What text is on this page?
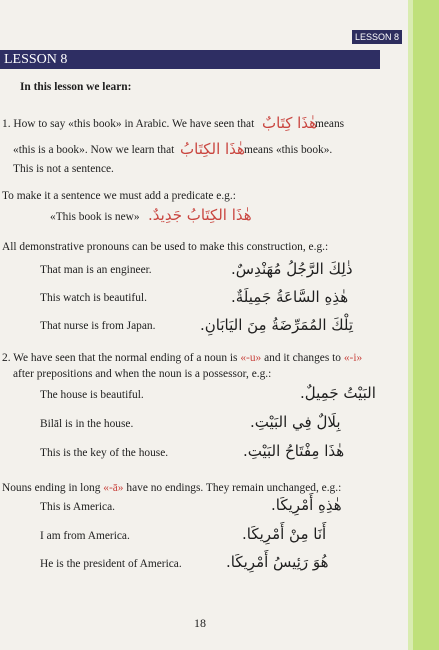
LESSON 8
LESSON 8
In this lesson we learn:
1. How to say «this book» in Arabic. We have seen that هٰذَا كِتَابٌ
means
«this is a book». Now we learn that هٰذَا الكِتَابُ means «this book».
This is not a sentence.
To make it a sentence we must add a predicate e.g.:
«This book is new» هٰذَا الكِتَابُ جَدِيدٌ.
All demonstrative pronouns can be used to make this construction, e.g.:
That man is an engineer.	ذٰلِكَ الرَّجُلُ مُهَنْدِسٌ.
This watch is beautiful.	هٰذِهِ السَّاعَةُ جَمِيلَةٌ.
That nurse is from Japan.	تِلْكَ المُمَرِّضَةُ مِنَ اليَابَانِ.
2. We have seen that the normal ending of a noun is «-u» and it changes to «-i»
after prepositions and when the noun is a possessor, e.g.:
The house is beautiful.	البَيْتُ جَمِيلٌ.
Bilāl is in the house.	بِلَالٌ فِي البَيْتِ.
This is the key of the house.	هٰذَا مِفْتَاحُ البَيْتِ.
Nouns ending in long «-ā» have no endings. They remain unchanged, e.g.:
This is America.	هٰذِهِ أَمْرِيكَا.
I am from America.	أَنَا مِنْ أَمْرِيكَا.
He is the president of America.	هُوَ رَئِيسُ أَمْرِيكَا.
18
